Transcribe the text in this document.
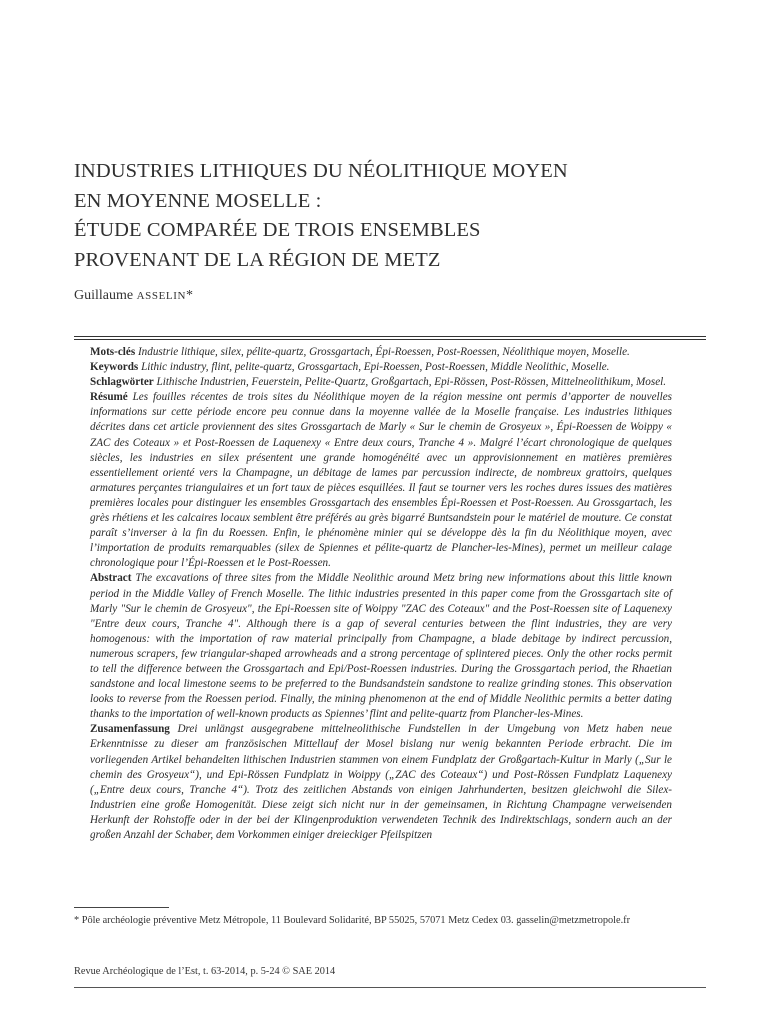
INDUSTRIES LITHIQUES DU NÉOLITHIQUE MOYEN
EN MOYENNE MOSELLE :
ÉTUDE COMPARÉE DE TROIS ENSEMBLES
PROVENANT DE LA RÉGION DE METZ
Guillaume ASSELIN*

Mots-clés Industrie lithique, silex, pélite-quartz, Grossgartach, Épi-Roessen, Post-Roessen, Néolithique moyen, Moselle.

Keywords Lithic industry, flint, pelite-quartz, Grossgartach, Epi-Roessen, Post-Roessen, Middle Neolithic, Moselle.

Schlagwörter Lithische Industrien, Feuerstein, Pelite-Quartz, Großgartach, Epi-Rössen, Post-Rössen, Mittelneolithikum, Mosel.

Résumé Les fouilles récentes de trois sites du Néolithique moyen de la région messine ont permis d’apporter de nouvelles informations sur cette période encore peu connue dans la moyenne vallée de la Moselle française. Les industries lithiques décrites dans cet article proviennent des sites Grossgartach de Marly « Sur le chemin de Grosyeux », Épi-Roessen de Woippy « ZAC des Coteaux » et Post-Roessen de Laquenexy « Entre deux cours, Tranche 4 ». Malgré l’écart chronologique de quelques siècles, les industries en silex présentent une grande homogénéité avec un approvisionnement en matières premières essentiellement orienté vers la Champagne, un débitage de lames par percussion indirecte, de nombreux grattoirs, quelques armatures perçantes triangulaires et un fort taux de pièces esquillées. Il faut se tourner vers les roches dures issues des matières premières locales pour distinguer les ensembles Grossgartach des ensembles Épi-Roessen et Post-Roessen. Au Grossgartach, les grès rhétiens et les calcaires locaux semblent être préférés au grès bigarré Buntsandstein pour le matériel de mouture. Ce constat paraît s’inverser à la fin du Roessen. Enfin, le phénomène minier qui se développe dès la fin du Néolithique moyen, avec l’importation de produits remarquables (silex de Spiennes et pélite-quartz de Plancher-les-Mines), permet un meilleur calage chronologique pour l’Épi-Roessen et le Post-Roessen.

Abstract The excavations of three sites from the Middle Neolithic around Metz bring new informations about this little known period in the Middle Valley of French Moselle. The lithic industries presented in this paper come from the Grossgartach site of Marly "Sur le chemin de Grosyeux", the Epi-Roessen site of Woippy "ZAC des Coteaux" and the Post-Roessen site of Laquenexy "Entre deux cours, Tranche 4". Although there is a gap of several centuries between the flint industries, they are very homogenous: with the importation of raw material principally from Champagne, a blade debitage by indirect percussion, numerous scrapers, few triangular-shaped arrowheads and a strong percentage of splintered pieces. Only the other rocks permit to tell the difference between the Grossgartach and Epi/Post-Roessen industries. During the Grossgartach period, the Rhaetian sandstone and local limestone seems to be preferred to the Bundsandstein sandstone to realize grinding stones. This observation looks to reverse from the Roessen period. Finally, the mining phenomenon at the end of Middle Neolithic permits a better dating thanks to the importation of well-known products as Spiennes’ flint and pelite-quartz from Plancher-les-Mines.

Zusamenfassung Drei unlängst ausgegrabene mittelneolithische Fundstellen in der Umgebung von Metz haben neue Erkenntnisse zu dieser am französischen Mittellauf der Mosel bislang nur wenig bekannten Periode erbracht. Die im vorliegenden Artikel behandelten lithischen Industrien stammen von einem Fundplatz der Großgartach-Kultur in Marly („Sur le chemin des Grosyeux“), und Epi-Rössen Fundplatz in Woippy („ZAC des Coteaux“) und Post-Rössen Fundplatz Laquenexy („Entre deux cours, Tranche 4“). Trotz des zeitlichen Abstands von einigen Jahrhunderten, besitzen gleichwohl die Silex-Industrien eine große Homogenität. Diese zeigt sich nicht nur in der gemeinsamen, in Richtung Champagne verweisenden Herkunft der Rohstoffe oder in der bei der Klingenproduktion verwendeten Technik des Indirektschlags, sondern auch an der großen Anzahl der Schaber, dem Vorkommen einiger dreieckiger Pfeilspitzen

* Pôle archéologie préventive Metz Métropole, 11 Boulevard Solidarité, BP 55025, 57071 Metz Cedex 03. gasselin@metzmetropole.fr
Revue Archéologique de l’Est, t. 63-2014, p. 5-24 © SAE 2014
